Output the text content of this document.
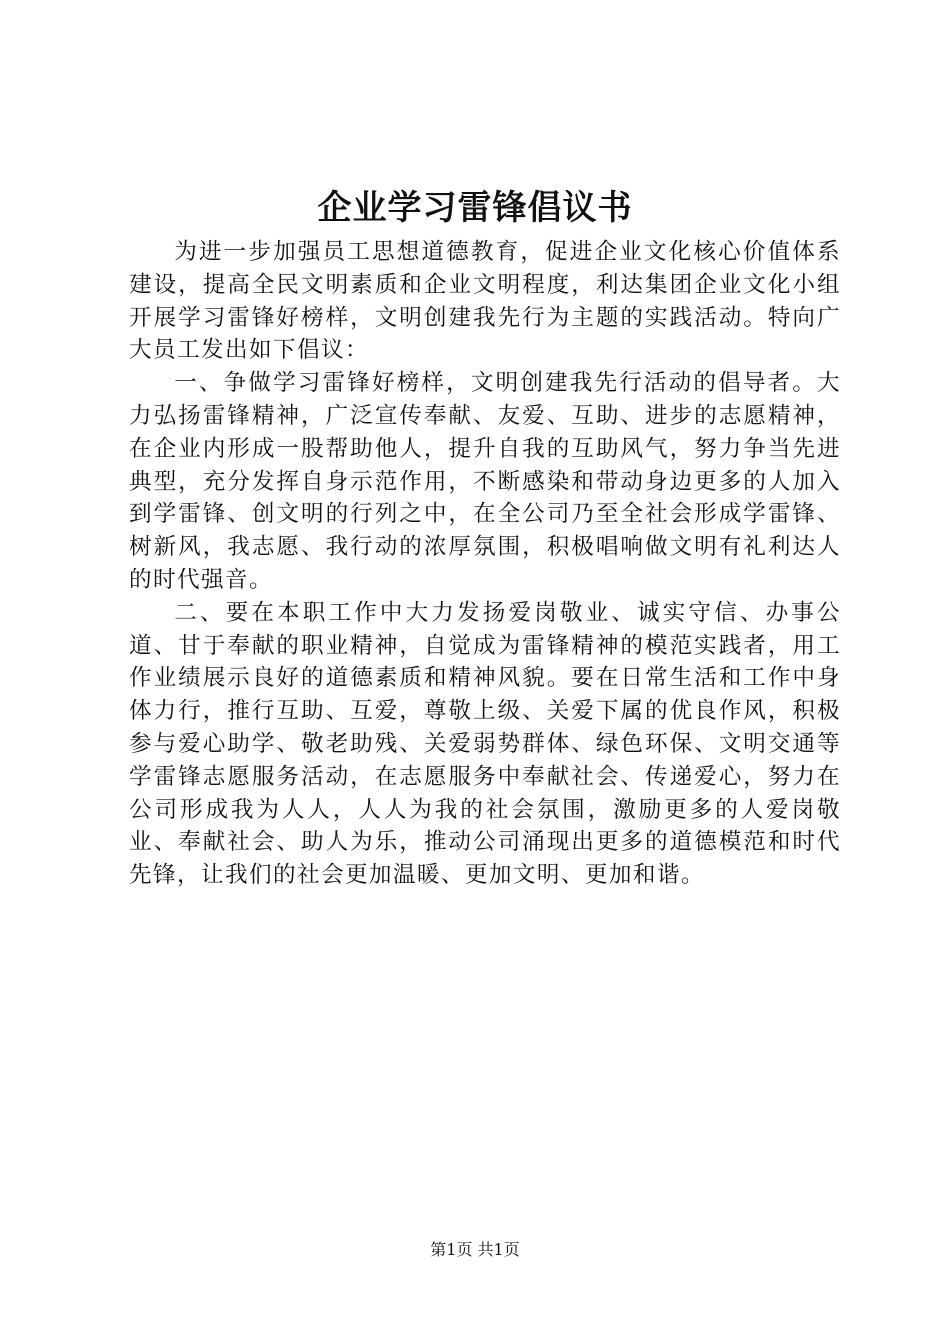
企业学习雷锋倡议书

为进一步加强员工思想道德教育，促进企业文化核心价值体系建设，提高全民文明素质和企业文明程度，利达集团企业文化小组开展学习雷锋好榜样，文明创建我先行为主题的实践活动。特向广大员工发出如下倡议：

一、争做学习雷锋好榜样，文明创建我先行活动的倡导者。大力弘扬雷锋精神，广泛宣传奉献、友爱、互助、进步的志愿精神，在企业内形成一股帮助他人，提升自我的互助风气，努力争当先进典型，充分发挥自身示范作用，不断感染和带动身边更多的人加入到学雷锋、创文明的行列之中，在全公司乃至全社会形成学雷锋、树新风，我志愿、我行动的浓厚氛围，积极唱响做文明有礼利达人的时代强音。

二、要在本职工作中大力发扬爱岗敬业、诚实守信、办事公道、甘于奉献的职业精神，自觉成为雷锋精神的模范实践者，用工作业绩展示良好的道德素质和精神风貌。要在日常生活和工作中身体力行，推行互助、互爱，尊敬上级、关爱下属的优良作风，积极参与爱心助学、敬老助残、关爱弱势群体、绿色环保、文明交通等学雷锋志愿服务活动，在志愿服务中奉献社会、传递爱心，努力在公司形成我为人人，人人为我的社会氛围，激励更多的人爱岗敬业、奉献社会、助人为乐，推动公司涌现出更多的道德模范和时代先锋，让我们的社会更加温暖、更加文明、更加和谐。

第1页 共1页
